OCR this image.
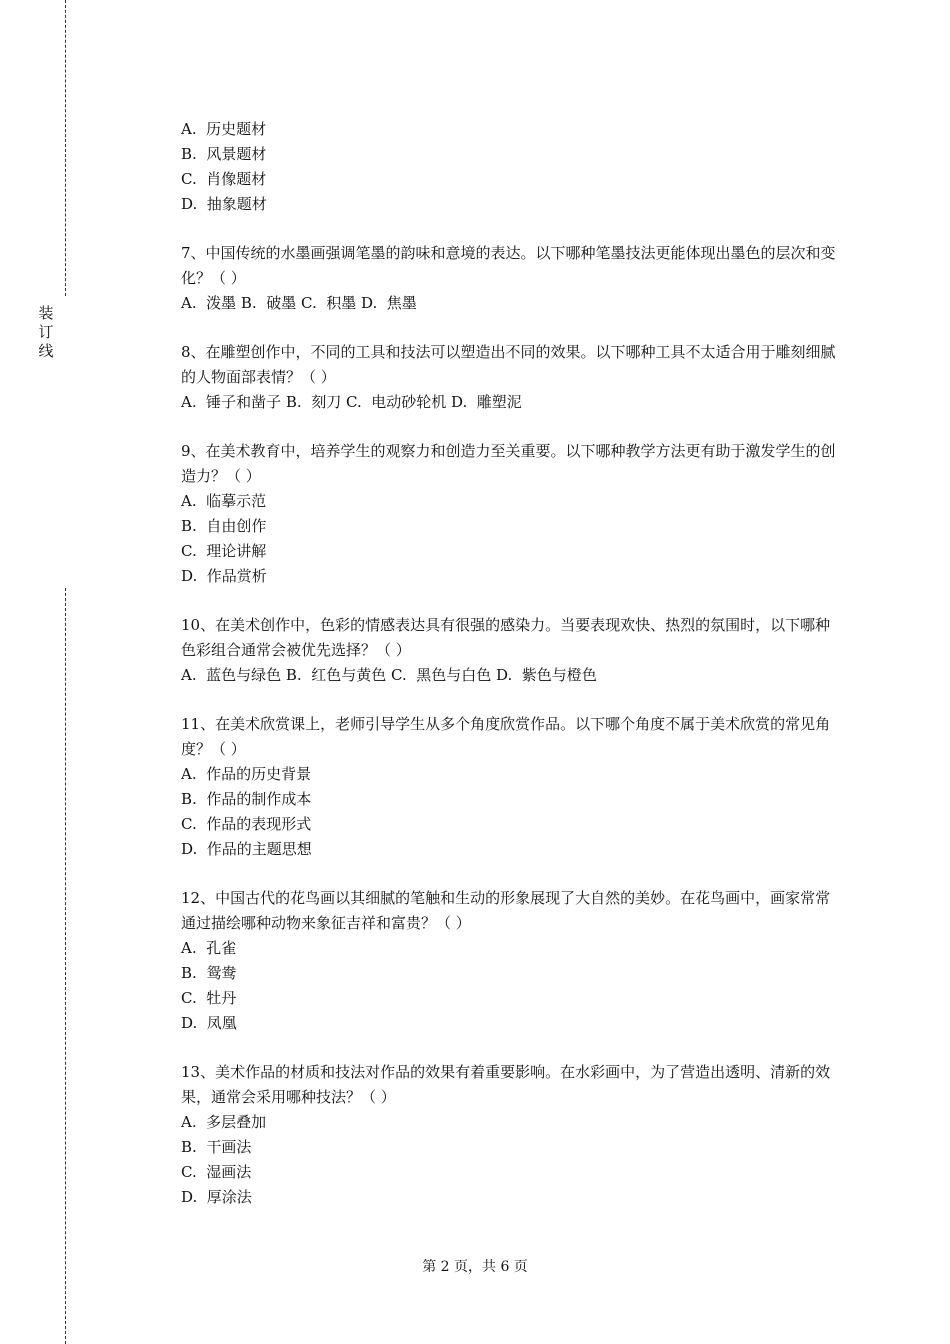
装
订
线
A.  历史题材
B.  风景题材
C.  肖像题材
D.  抽象题材
7、中国传统的水墨画强调笔墨的韵味和意境的表达。以下哪种笔墨技法更能体现出墨色的层次和变化？（ ）
A.  泼墨 B.  破墨 C.  积墨 D.  焦墨
8、在雕塑创作中，不同的工具和技法可以塑造出不同的效果。以下哪种工具不太适合用于雕刻细腻的人物面部表情？（ ）
A.  锤子和凿子 B.  刻刀 C.  电动砂轮机 D.  雕塑泥
9、在美术教育中，培养学生的观察力和创造力至关重要。以下哪种教学方法更有助于激发学生的创造力？（ ）
A.  临摹示范
B.  自由创作
C.  理论讲解
D.  作品赏析
10、在美术创作中，色彩的情感表达具有很强的感染力。当要表现欢快、热烈的氛围时，以下哪种色彩组合通常会被优先选择？（ ）
A.  蓝色与绿色 B.  红色与黄色 C.  黑色与白色 D.  紫色与橙色
11、在美术欣赏课上，老师引导学生从多个角度欣赏作品。以下哪个角度不属于美术欣赏的常见角度？（ ）
A.  作品的历史背景
B.  作品的制作成本
C.  作品的表现形式
D.  作品的主题思想
12、中国古代的花鸟画以其细腻的笔触和生动的形象展现了大自然的美妙。在花鸟画中，画家常常通过描绘哪种动物来象征吉祥和富贵？（ ）
A.  孔雀
B.  鸳鸯
C.  牡丹
D.  凤凰
13、美术作品的材质和技法对作品的效果有着重要影响。在水彩画中，为了营造出透明、清新的效果，通常会采用哪种技法？（ ）
A.  多层叠加
B.  干画法
C.  湿画法
D.  厚涂法
第 2 页，共 6 页
